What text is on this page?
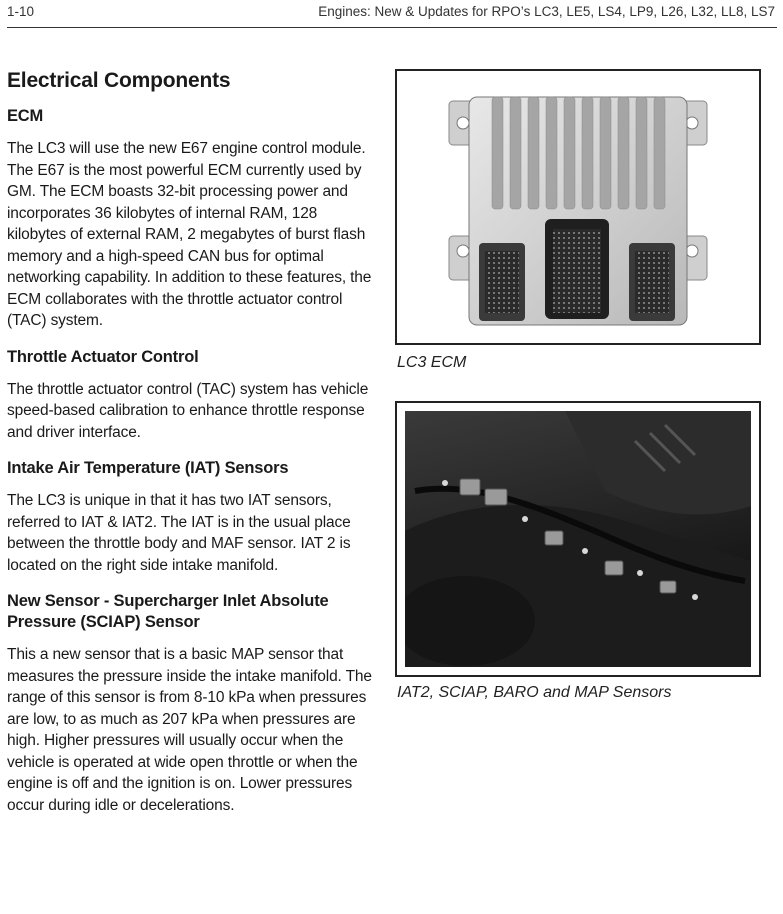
1-10	Engines: New & Updates for RPO’s LC3, LE5, LS4, LP9, L26, L32, LL8, LS7
Electrical Components
ECM

The LC3 will use the new E67 engine control module. The E67 is the most powerful ECM currently used by GM. The ECM boasts 32-bit processing power and incorporates 36 kilobytes of internal RAM, 128 kilobytes of external RAM, 2 megabytes of burst flash memory and a high-speed CAN bus for optimal networking capability. In addition to these features, the ECM collaborates with the throttle actuator control (TAC) system.

Throttle Actuator Control

The throttle actuator control (TAC) system has vehicle speed-based calibration to enhance throttle response and driver interface.

Intake Air Temperature (IAT) Sensors

The LC3 is unique in that it has two IAT sensors, referred to IAT & IAT2. The IAT is in the usual place between the throttle body and MAF sensor. IAT 2 is located on the right side intake manifold.

New Sensor - Supercharger Inlet Absolute Pressure (SCIAP) Sensor

This a new sensor that is a basic MAP sensor that measures the pressure inside the intake manifold. The range of this sensor is from 8-10 kPa when pressures are low, to as much as 207 kPa when pressures are high. Higher pressures will usually occur when the vehicle is operated at wide open throttle or when the engine is off and the ignition is on. Lower pressures occur during idle or decelerations.

LC3 ECM
IAT2, SCIAP, BARO and MAP Sensors
